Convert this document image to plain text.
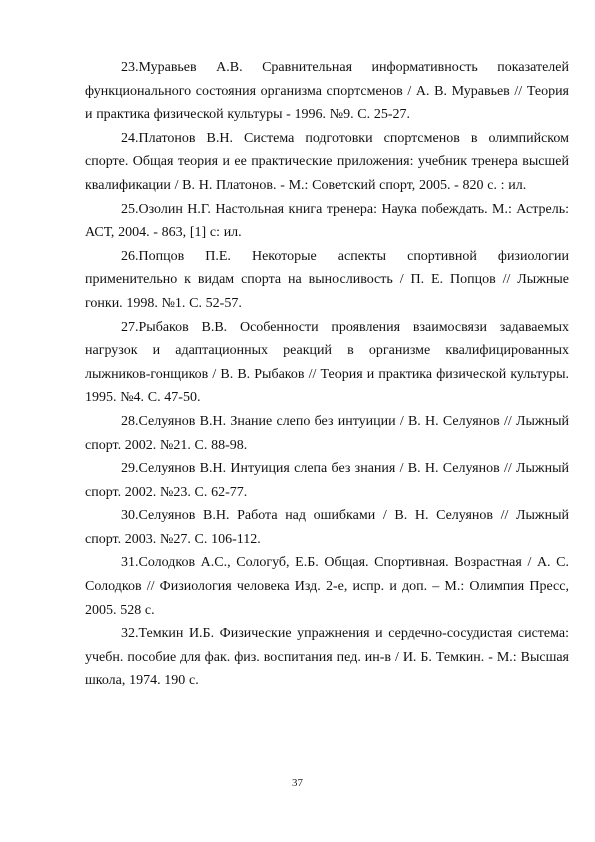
23.Муравьев А.В. Сравнительная информативность показателей функционального состояния организма спортсменов / А. В. Муравьев // Теория и практика физической культуры - 1996. №9. С. 25-27.

24.Платонов В.Н. Система подготовки спортсменов в олимпийском спорте. Общая теория и ее практические приложения: учебник тренера высшей квалификации / В. Н. Платонов. - М.: Советский спорт, 2005. - 820 с. : ил.

25.Озолин Н.Г. Настольная книга тренера: Наука побеждать. М.: Астрель: АСТ, 2004. - 863, [1] с: ил.

26.Попцов П.Е. Некоторые аспекты спортивной физиологии применительно к видам спорта на выносливость / П. Е. Попцов // Лыжные гонки. 1998. №1. С. 52-57.

27.Рыбаков В.В. Особенности проявления взаимосвязи задаваемых нагрузок и адаптационных реакций в организме квалифицированных лыжников-гонщиков / В. В. Рыбаков // Теория и практика физической культуры. 1995. №4. С. 47-50.

28.Селуянов В.Н. Знание слепо без интуиции / В. Н. Селуянов // Лыжный спорт. 2002. №21. С. 88-98.

29.Селуянов В.Н. Интуиция слепа без знания / В. Н. Селуянов // Лыжный спорт. 2002. №23. С. 62-77.

30.Селуянов В.Н. Работа над ошибками / В. Н. Селуянов // Лыжный спорт. 2003. №27. С. 106-112.

31.Солодков А.С., Сологуб, Е.Б. Общая. Спортивная. Возрастная / А. С. Солодков // Физиология человека Изд. 2-е, испр. и доп. – М.: Олимпия Пресс, 2005. 528 с.

32.Темкин И.Б. Физические упражнения и сердечно-сосудистая система: учебн. пособие для фак. физ. воспитания пед. ин-в / И. Б. Темкин. - М.: Высшая школа, 1974. 190 с.

37
